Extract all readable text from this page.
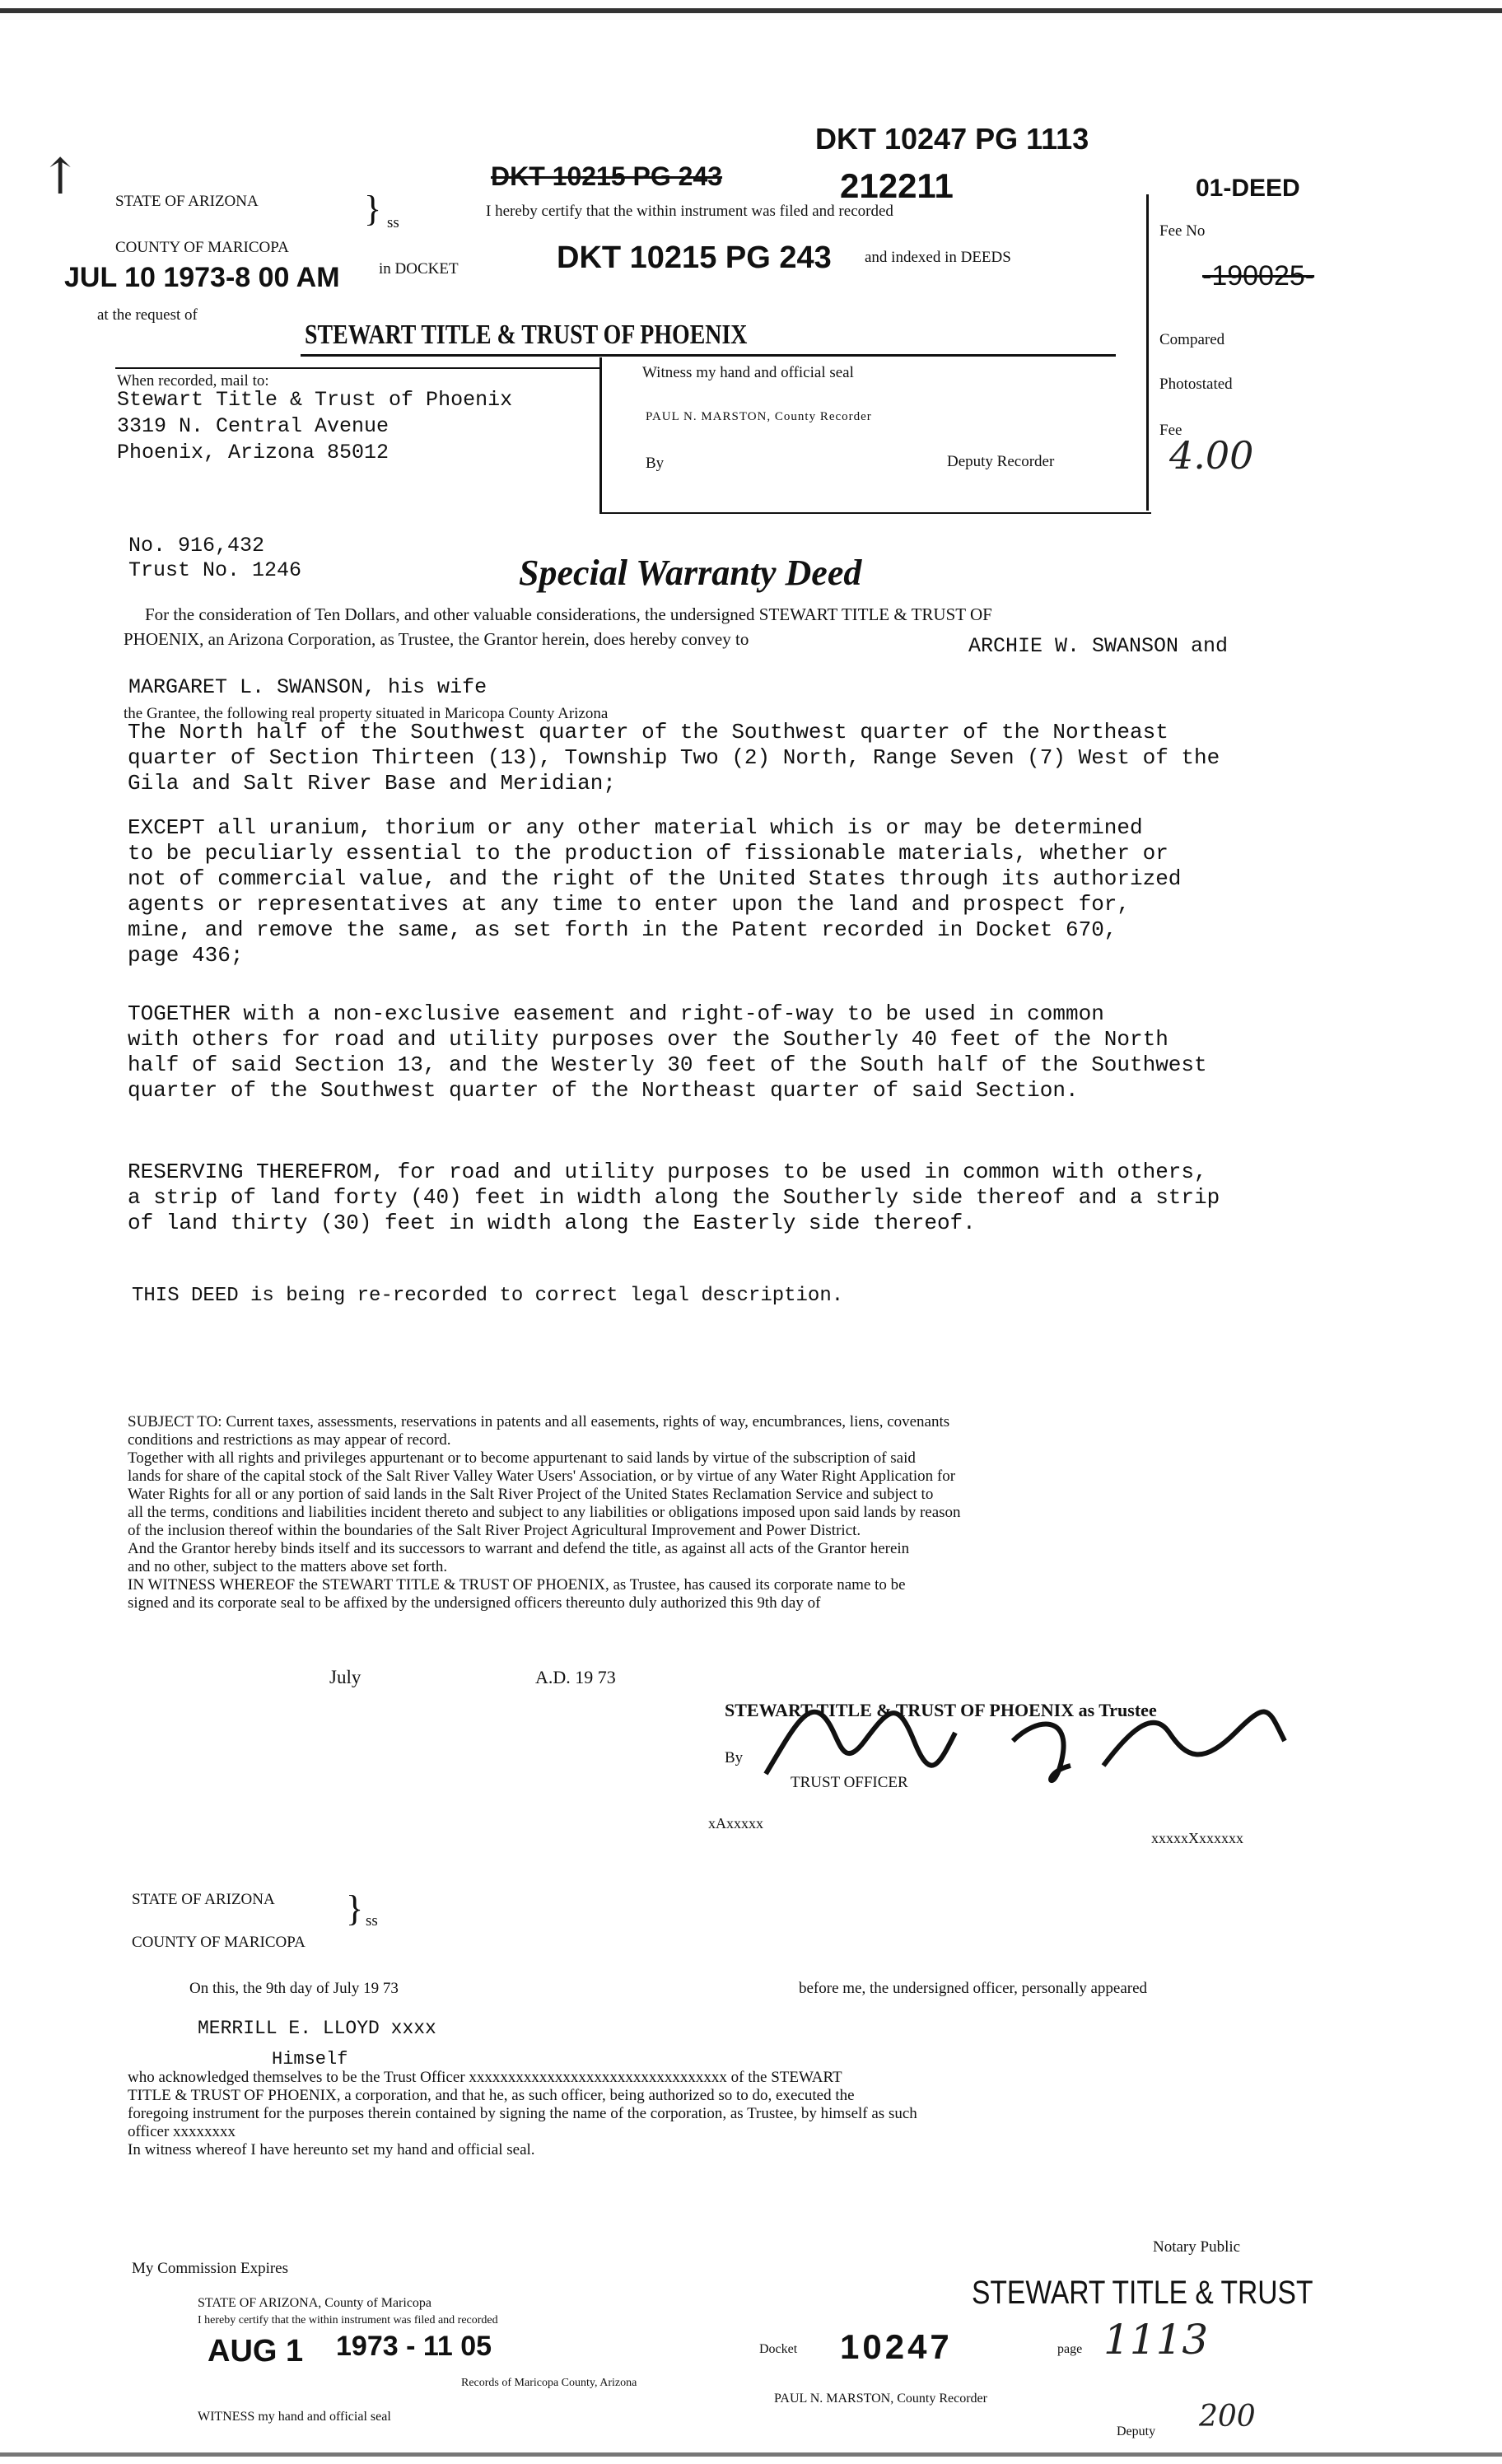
↑ STATE OF ARIZONA	} ss
COUNTY OF MARICOPA
JUL 10 1973-8 00 AM in DOCKET
at the request of
DKT 10215 PG 243
DKT 10247 PG 1113
212211
I hereby certify that the within instrument was filed and recorded
DKT 10215 PG 243 and indexed in DEEDS
STEWART TITLE & TRUST OF PHOENIX
01-DEED
Fee No
-190025-
Compared
Photostated
Fee
4.00
When recorded, mail to:
Stewart Title & Trust of Phoenix
3319 N. Central Avenue
Phoenix, Arizona 85012
Witness my hand and official seal
PAUL N. MARSTON, County Recorder
By	Deputy Recorder
No. 916,432
Trust No. 1246	Special Warranty Deed
For the consideration of Ten Dollars, and other valuable considerations, the undersigned STEWART TITLE & TRUST OF
PHOENIX, an Arizona Corporation, as Trustee, the Grantor herein, does hereby convey to	ARCHIE W. SWANSON and
MARGARET L. SWANSON, his wife
the Grantee, the following real property situated in Maricopa County Arizona
The North half of the Southwest quarter of the Southwest quarter of the Northeast
quarter of Section Thirteen (13), Township Two (2) North, Range Seven (7) West of the
Gila and Salt River Base and Meridian;
EXCEPT all uranium, thorium or any other material which is or may be determined
to be peculiarly essential to the production of fissionable materials, whether or
not of commercial value, and the right of the United States through its authorized
agents or representatives at any time to enter upon the land and prospect for,
mine, and remove the same, as set forth in the Patent recorded in Docket 670,
page 436;
TOGETHER with a non-exclusive easement and right-of-way to be used in common
with others for road and utility purposes over the Southerly 40 feet of the North
half of said Section 13, and the Westerly 30 feet of the South half of the Southwest
quarter of the Southwest quarter of the Northeast quarter of said Section.
RESERVING THEREFROM, for road and utility purposes to be used in common with others,
a strip of land forty (40) feet in width along the Southerly side thereof and a strip
of land thirty (30) feet in width along the Easterly side thereof.
THIS DEED is being re-recorded to correct legal description.
SUBJECT TO: Current taxes, assessments, reservations in patents and all easements, rights of way, encumbrances, liens, covenants
conditions and restrictions as may appear of record.
Together with all rights and privileges appurtenant or to become appurtenant to said lands by virtue of the subscription of said
lands for share of the capital stock of the Salt River Valley Water Users' Association, or by virtue of any Water Right Application for
Water Rights for all or any portion of said lands in the Salt River Project of the United States Reclamation Service and subject to
all the terms, conditions and liabilities incident thereto and subject to any liabilities or obligations imposed upon said lands by reason
of the inclusion thereof within the boundaries of the Salt River Project Agricultural Improvement and Power District.
And the Grantor hereby binds itself and its successors to warrant and defend the title, as against all acts of the Grantor herein
and no other, subject to the matters above set forth.
IN WITNESS WHEREOF the STEWART TITLE & TRUST OF PHOENIX, as Trustee, has caused its corporate name to be
signed and its corporate seal to be affixed by the undersigned officers thereunto duly authorized this 9th day of
July	A.D. 19 73
STEWART TITLE & TRUST OF PHOENIX as Trustee
By
TRUST OFFICER
xAxxxxx
xxxxxXxxxxxx
STATE OF ARIZONA } ss
COUNTY OF MARICOPA
On this, the 9th day of July 19 73	before me, the undersigned officer, personally appeared
MERRILL E. LLOYD xxxx
Himself
who acknowledged themselves to be the Trust Officer xxxxxxxxxxxxxxxxxxxxxxxxxxxxxxxxx of the STEWART
TITLE & TRUST OF PHOENIX, a corporation, and that he, as such officer, being authorized so to do, executed the
foregoing instrument for the purposes therein contained by signing the name of the corporation, as Trustee, by himself as such
officer xxxxxxxx
In witness whereof I have hereunto set my hand and official seal.
My Commission Expires
Notary Public
STATE OF ARIZONA, County of Maricopa
I hereby certify that the within instrument was filed and recorded
STEWART TITLE & TRUST
AUG 1 1973 - 11 05	Docket 10247	page 1113
Records of Maricopa County, Arizona
WITNESS my hand and official seal
PAUL N. MARSTON, County Recorder
Deputy 200
